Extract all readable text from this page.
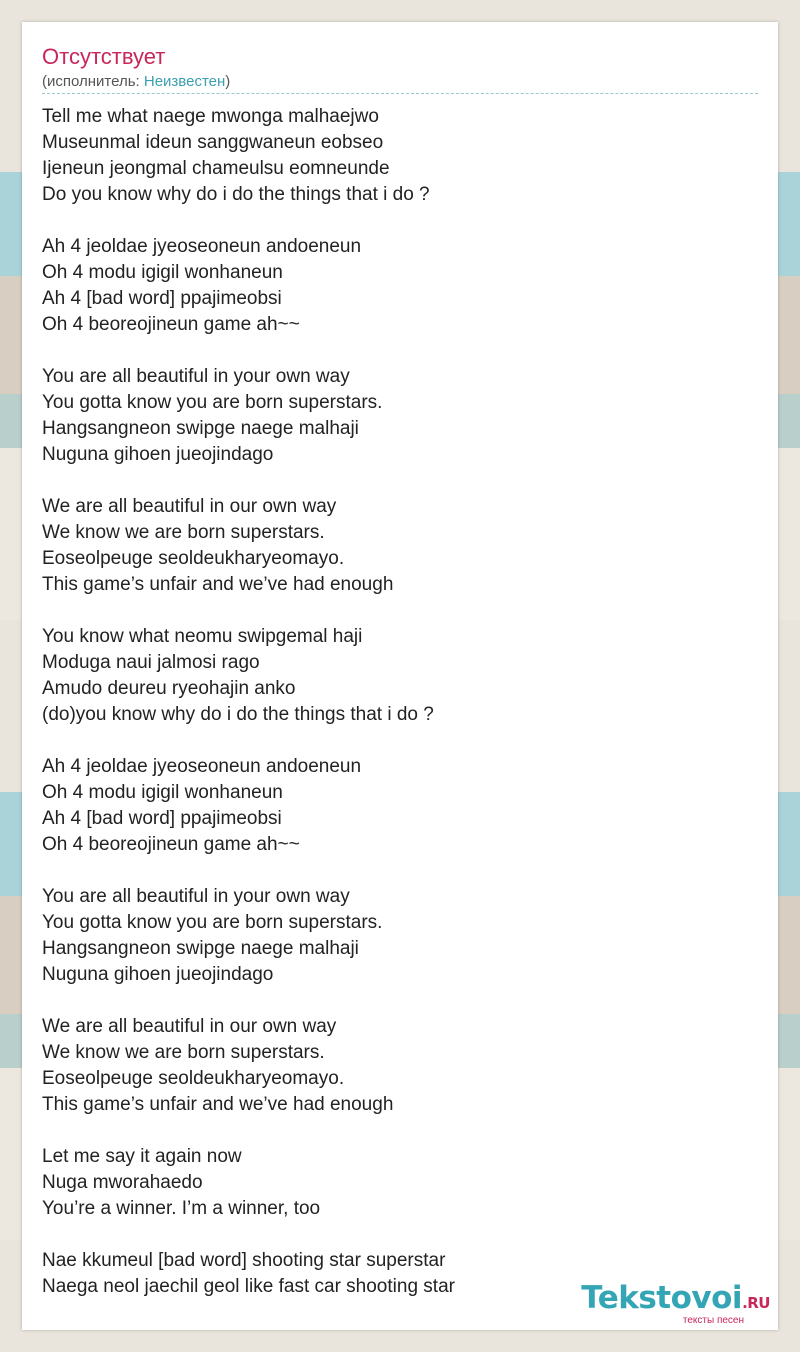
Отсутствует
(исполнитель: Неизвестен)
Tell me what naege mwonga malhaejwo
Museunmal ideun sanggwaneun eobseo
Ijeneun jeongmal chameulsu eomneunde
Do you know why do i do the things that i do ?
Ah 4 jeoldae jyeoseoneun andoeneun
Oh 4 modu igigil wonhaneun
Ah 4 [bad word] ppajimeobsi
Oh 4 beoreojineun game ah~~
You are all beautiful in your own way
You gotta know you are born superstars.
Hangsangneon swipge naege malhaji
Nuguna gihoen jueojindago
We are all beautiful in our own way
We know we are born superstars.
Eoseolpeuge seoldeukharyeomayo.
This game’s unfair and we’ve had enough
You know what neomu swipgemal haji
Moduga naui jalmosi rago
Amudo deureu ryeohajin anko
(do)you know why do i do the things that i do ?
Ah 4 jeoldae jyeoseoneun andoeneun
Oh 4 modu igigil wonhaneun
Ah 4 [bad word] ppajimeobsi
Oh 4 beoreojineun game ah~~
You are all beautiful in your own way
You gotta know you are born superstars.
Hangsangneon swipge naege malhaji
Nuguna gihoen jueojindago
We are all beautiful in our own way
We know we are born superstars.
Eoseolpeuge seoldeukharyeomayo.
This game’s unfair and we’ve had enough
Let me say it again now
Nuga mworahaedo
You’re a winner. I’m a winner, too
Nae kkumeul [bad word] shooting star superstar
Naega neol jaechil geol like fast car shooting star	Tekstovoi.RU
тексты песен
